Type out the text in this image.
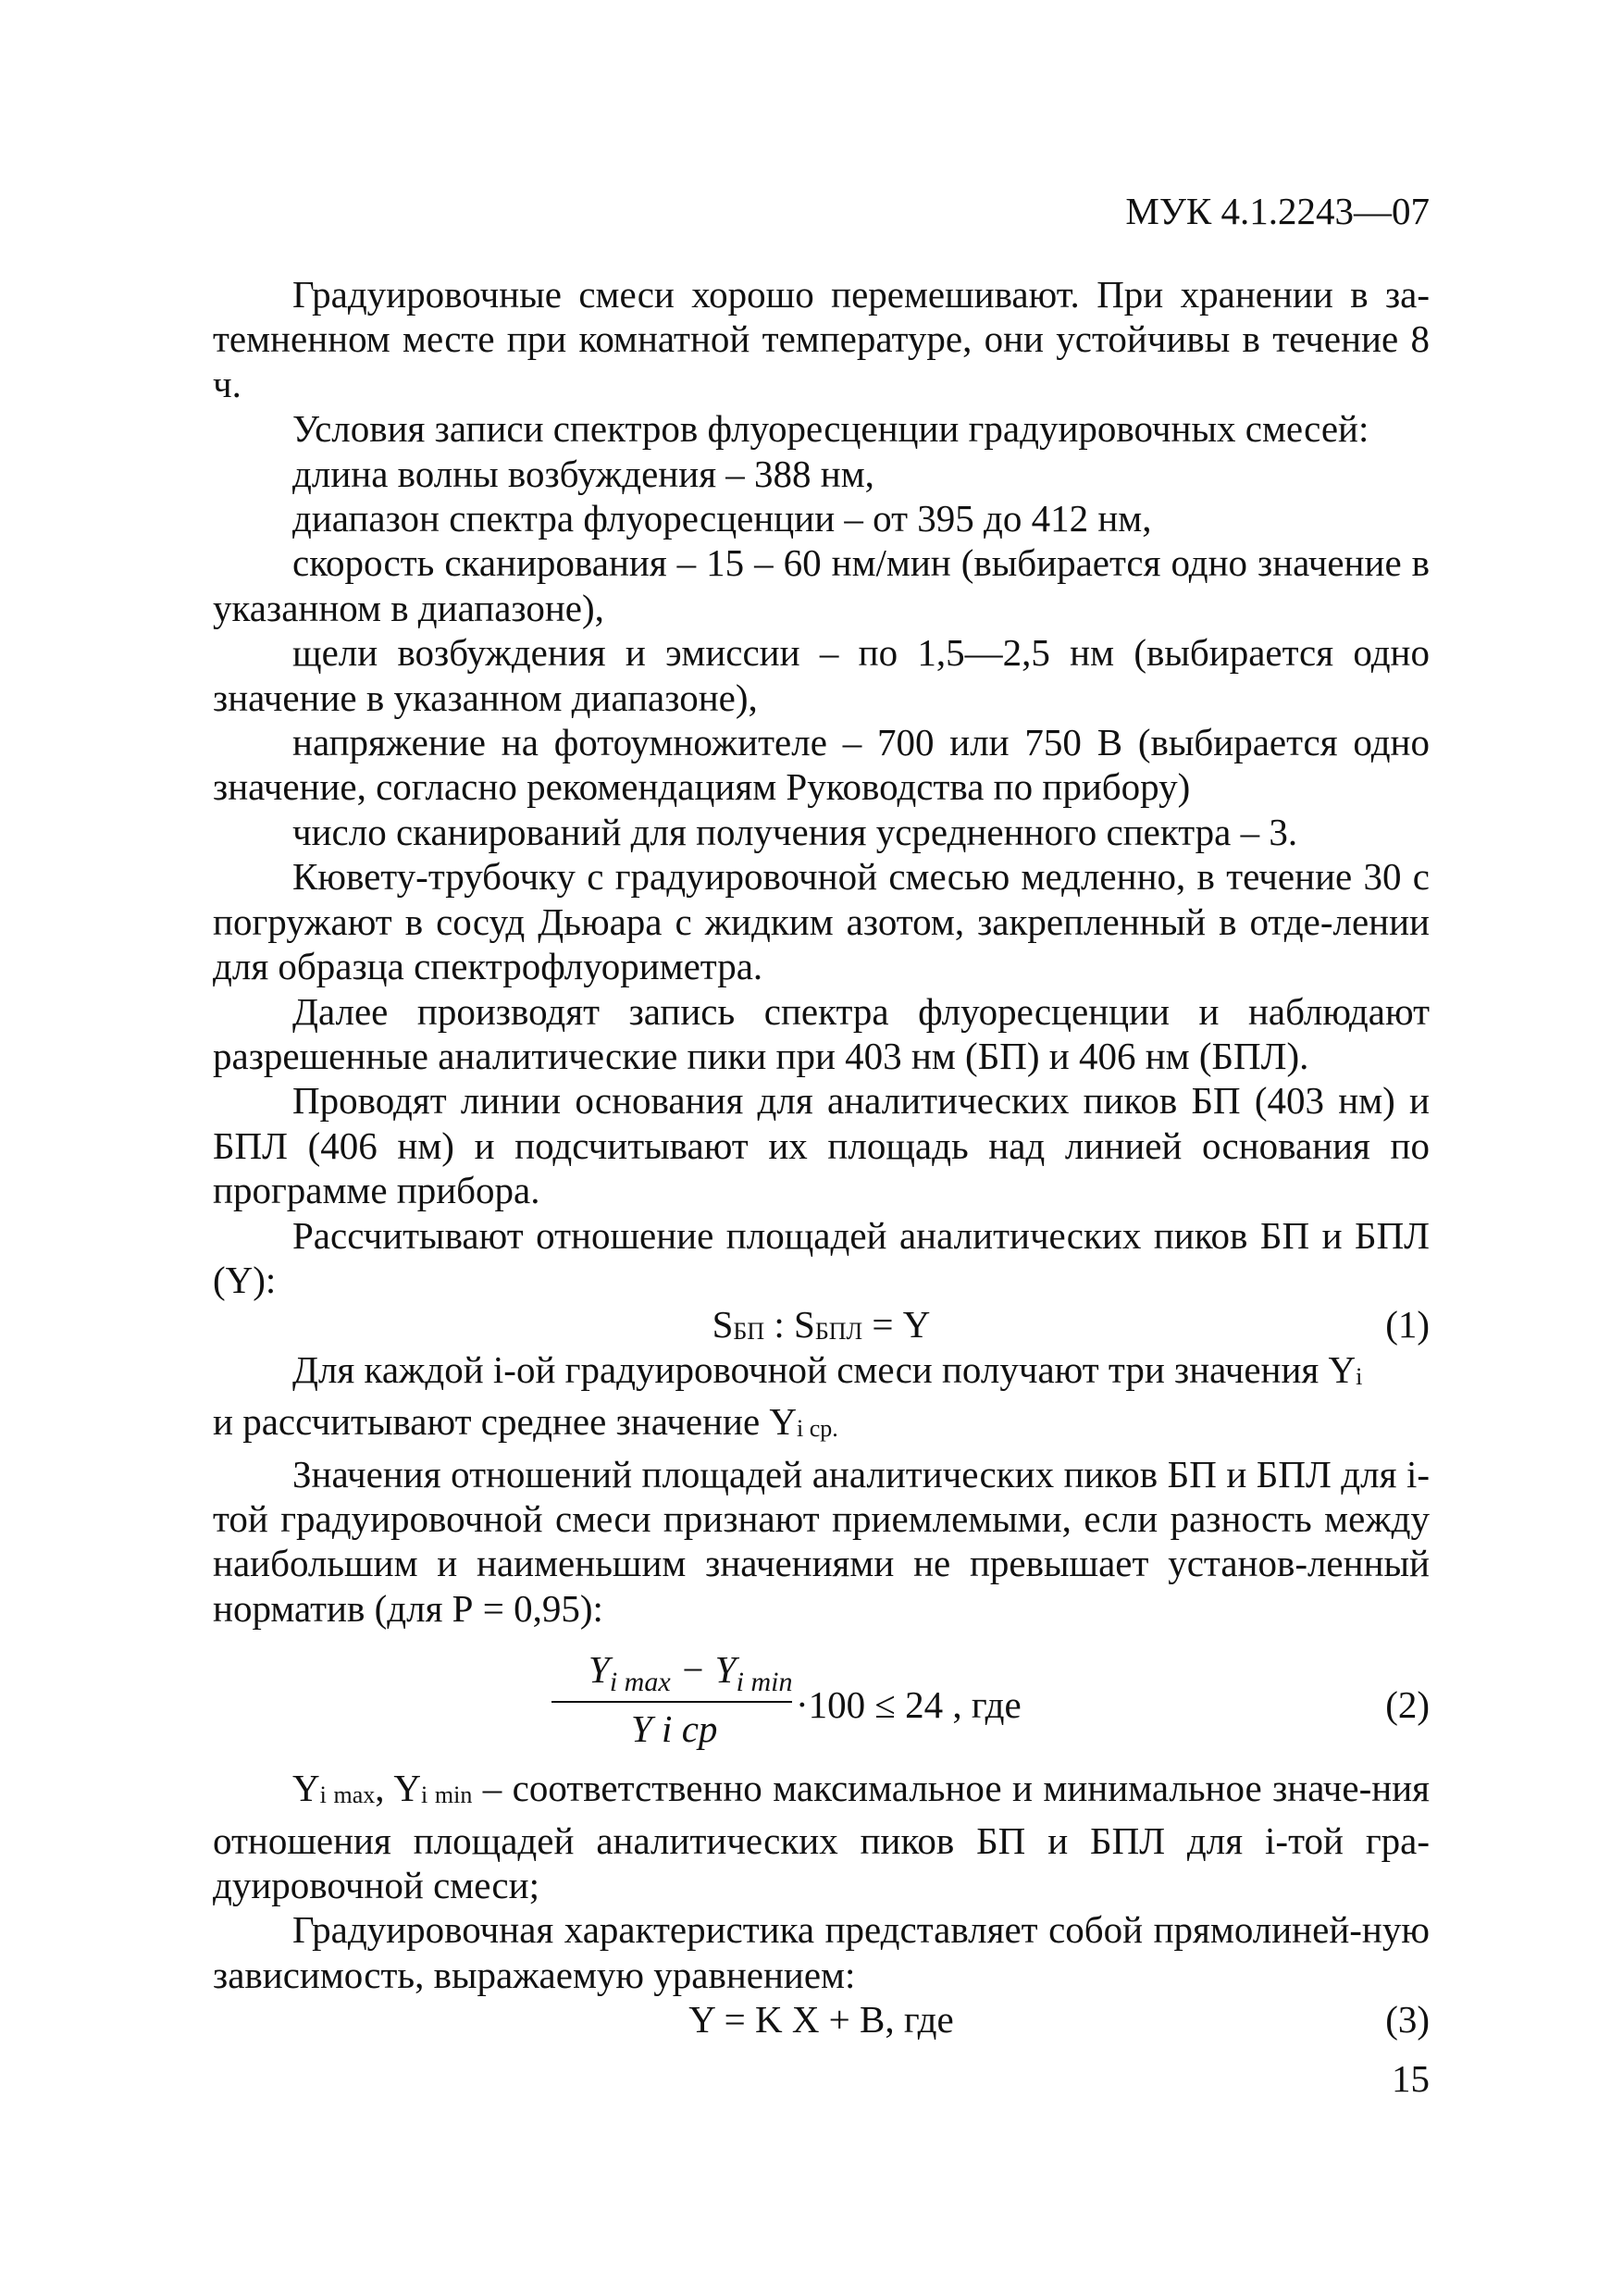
МУК 4.1.2243—07

Градуировочные смеси хорошо перемешивают. При хранении в за-темненном месте при комнатной температуре, они устойчивы в течение 8 ч.

Условия записи спектров флуоресценции градуировочных смесей:

длина волны возбуждения – 388 нм,

диапазон спектра флуоресценции – от 395 до 412 нм,

скорость сканирования – 15 – 60 нм/мин (выбирается одно значение в указанном в диапазоне),

щели возбуждения и эмиссии – по 1,5—2,5 нм (выбирается одно значение в указанном диапазоне),

напряжение на фотоумножителе – 700 или 750 В (выбирается одно значение, согласно рекомендациям Руководства по прибору)

число сканирований для получения усредненного спектра – 3.

Кювету-трубочку с градуировочной смесью медленно, в течение 30 с погружают в сосуд Дьюара с жидким азотом, закрепленный в отде-лении для образца спектрофлуориметра.

Далее производят запись спектра флуоресценции и наблюдают разрешенные аналитические пики при 403 нм (БП) и 406 нм (БПЛ).

Проводят линии основания для аналитических пиков БП (403 нм) и БПЛ (406 нм) и подсчитывают их площадь над линией основания по программе прибора.

Рассчитывают отношение площадей аналитических пиков БП и БПЛ (Y):

$S_{БП}$ : $S_{БПЛ} = Y$	(1)

Для каждой i-ой градуировочной смеси получают три значения $Y_i$
и рассчитывают среднее значение $Y_{i ср.}$

Значения отношений площадей аналитических пиков БП и БПЛ для i-той градуировочной смеси признают приемлемыми, если разность между наибольшим и наименьшим значениями не превышает установ-ленный норматив (для Р = 0,95):

$Y_{i max} - Y_{i min}$
Y i cp
·100 ≤ 24 , где	(2)

$Y_{i max}$, $Y_{i min}$ – соответственно максимальное и минимальное значе-ния отношения площадей аналитических пиков БП и БПЛ для i-той гра-дуировочной смеси;

Градуировочная характеристика представляет собой прямолиней-ную зависимость, выражаемую уравнением:

Y = K X + B, где	(3)
15
